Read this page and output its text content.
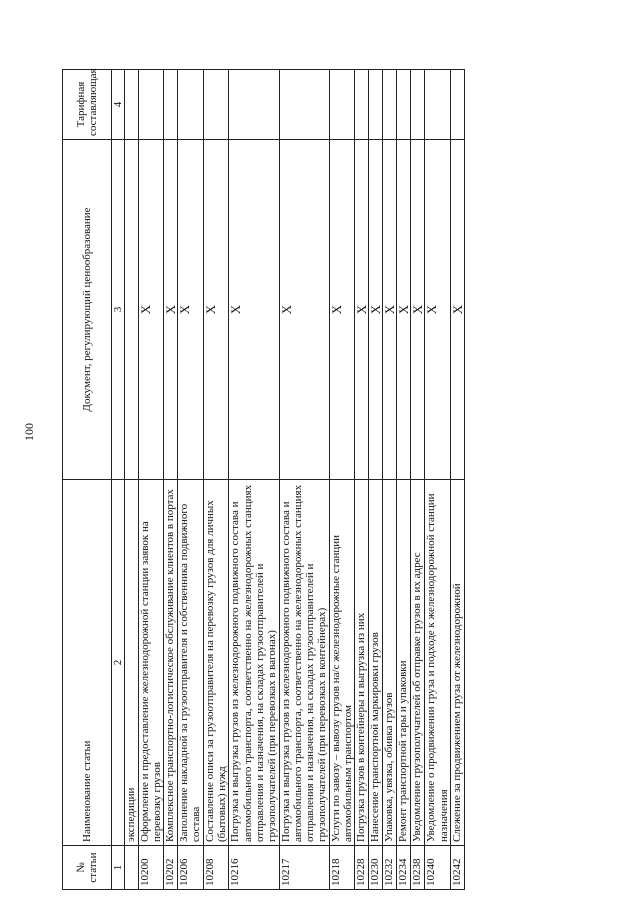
100
№ статьи	Наименование статьи	Документ, регулирующий ценообразование	Тарифная составляющая
1	2	3	4
	экспедиции		
10200	Оформление и предоставление железнодорожной станции заявок на перевозку грузов	X	
10202	Комплексное транспортно-логистическое обслуживание клиентов в портах	X	
10206	Заполнение накладной за грузоотправителя и собственника подвижного состава	X	
10208	Составление описи за грузоотправителя на перевозку грузов для личных (бытовых) нужд	X	
10216	Погрузка и выгрузка грузов из железнодорожного подвижного состава и автомобильного транспорта, соответственно на железнодорожных станциях отправления и назначения, на складах грузоотправителей и грузополучателей (при перевозках в вагонах)	X	
10217	Погрузка и выгрузка грузов из железнодорожного подвижного состава и автомобильного транспорта, соответственно на железнодорожных станциях отправления и назначения, на складах грузоотправителей и грузополучателей (при перевозках в контейнерах)	X	
10218	Услуги по завозу – вывозу грузов на/с железнодорожные станции автомобильным транспортом	X	
10228	Погрузка грузов в контейнеры и выгрузка из них	X	
10230	Нанесение транспортной маркировки грузов	X	
10232	Упаковка, увязка, обивка грузов	X	
10234	Ремонт транспортной тары и упаковки	X	
10238	Уведомление грузополучателей об отправке грузов в их адрес	X	
10240	Уведомление о продвижении груза и подходе к железнодорожной станции назначения	X	
10242	Слежение за продвижением груза от железнодорожной	X	
